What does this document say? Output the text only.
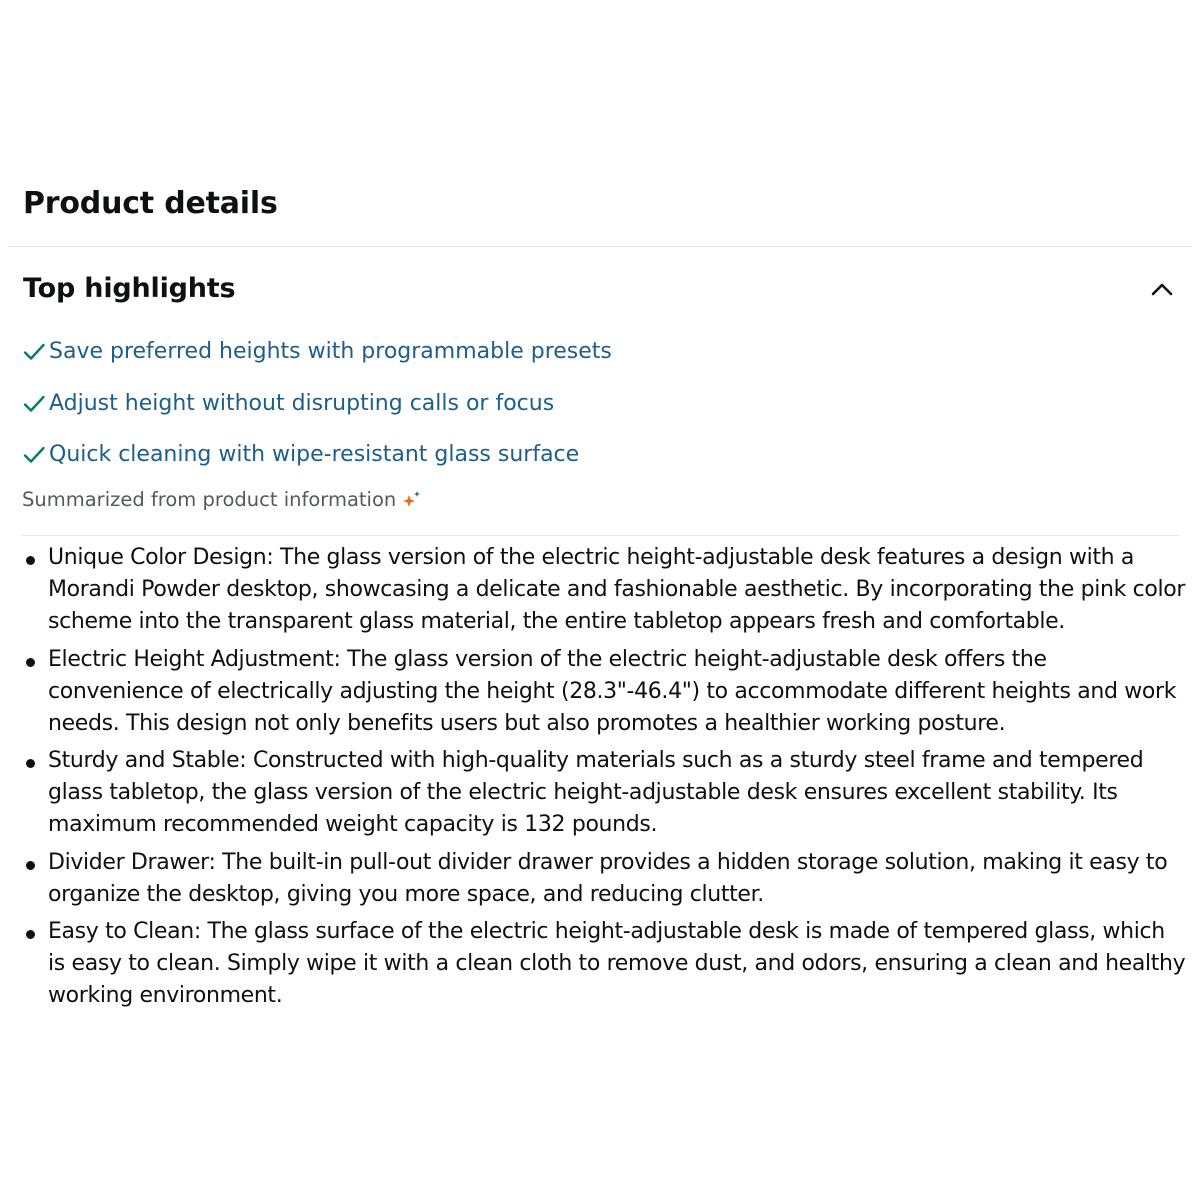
Product details
Top highlights
Save preferred heights with programmable presets
Adjust height without disrupting calls or focus
Quick cleaning with wipe-resistant glass surface
Summarized from product information
Unique Color Design: The glass version of the electric height-adjustable desk features a design with a Morandi Powder desktop, showcasing a delicate and fashionable aesthetic. By incorporating the pink color scheme into the transparent glass material, the entire tabletop appears fresh and comfortable.
Electric Height Adjustment: The glass version of the electric height-adjustable desk offers the convenience of electrically adjusting the height (28.3"-46.4") to accommodate different heights and work needs. This design not only benefits users but also promotes a healthier working posture.
Sturdy and Stable: Constructed with high-quality materials such as a sturdy steel frame and tempered glass tabletop, the glass version of the electric height-adjustable desk ensures excellent stability. Its maximum recommended weight capacity is 132 pounds.
Divider Drawer: The built-in pull-out divider drawer provides a hidden storage solution, making it easy to organize the desktop, giving you more space, and reducing clutter.
Easy to Clean: The glass surface of the electric height-adjustable desk is made of tempered glass, which is easy to clean. Simply wipe it with a clean cloth to remove dust, and odors, ensuring a clean and healthy working environment.
